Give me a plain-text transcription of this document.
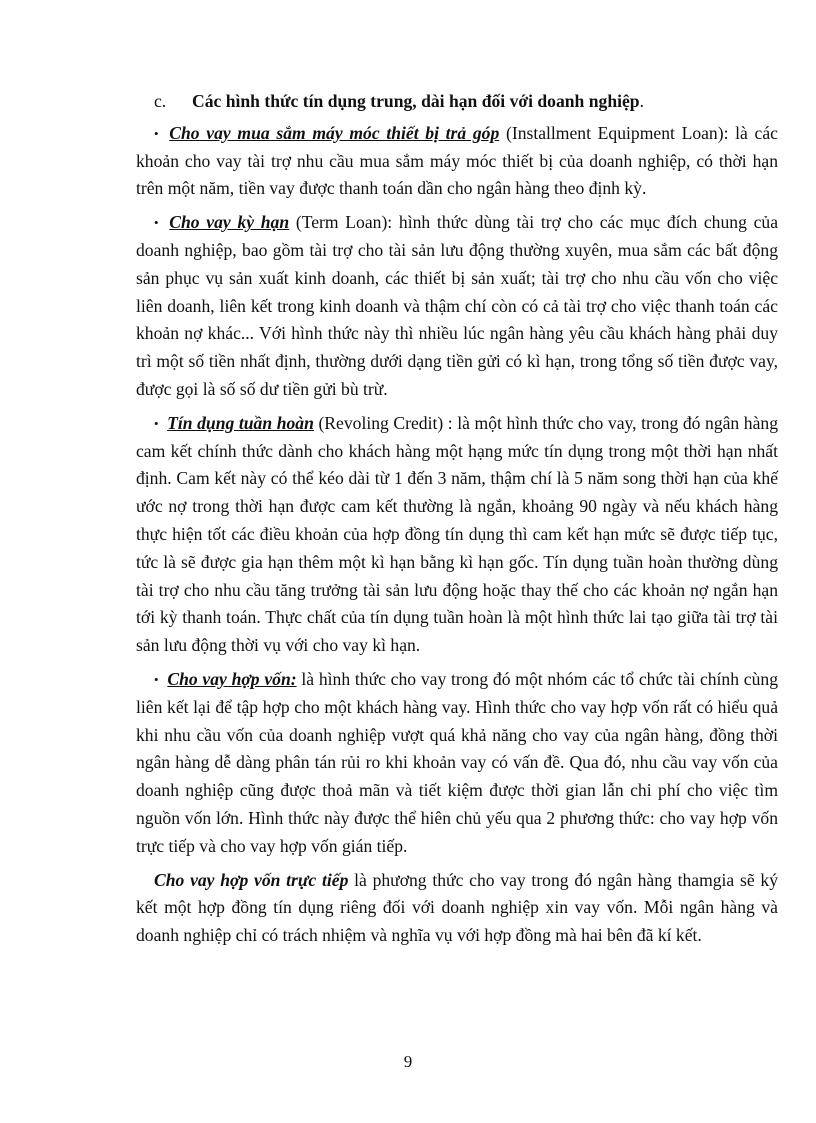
c. Các hình thức tín dụng trung, dài hạn đối với doanh nghiệp.

• Cho vay mua sắm máy móc thiết bị trả góp (Installment Equipment Loan): là các khoản cho vay tài trợ nhu cầu mua sắm máy móc thiết bị của doanh nghiệp, có thời hạn trên một năm, tiền vay được thanh toán dần cho ngân hàng theo định kỳ.

• Cho vay kỳ hạn (Term Loan): hình thức dùng tài trợ cho các mục đích chung của doanh nghiệp, bao gồm tài trợ cho tài sản lưu động thường xuyên, mua sắm các bất động sản phục vụ sản xuất kinh doanh, các thiết bị sản xuất; tài trợ cho nhu cầu vốn cho việc liên doanh, liên kết trong kinh doanh và thậm chí còn có cả tài trợ cho việc thanh toán các khoản nợ khác... Với hình thức này thì nhiều lúc ngân hàng yêu cầu khách hàng phải duy trì một số tiền nhất định, thường dưới dạng tiền gửi có kì hạn, trong tổng số tiền được vay, được gọi là số số dư tiền gửi bù trừ.

• Tín dụng tuần hoàn (Revoling Credit) : là một hình thức cho vay, trong đó ngân hàng cam kết chính thức dành cho khách hàng một hạng mức tín dụng trong một thời hạn nhất định. Cam kết này có thể kéo dài từ 1 đến 3 năm, thậm chí là 5 năm song thời hạn của khế ước nợ trong thời hạn được cam kết thường là ngắn, khoảng 90 ngày và nếu khách hàng thực hiện tốt các điều khoản của hợp đồng tín dụng thì cam kết hạn mức sẽ được tiếp tục, tức là sẽ được gia hạn thêm một kì hạn bằng kì hạn gốc. Tín dụng tuần hoàn thường dùng tài trợ cho nhu cầu tăng trưởng tài sản lưu động hoặc thay thế cho các khoản nợ ngắn hạn tới kỳ thanh toán. Thực chất của tín dụng tuần hoàn là một hình thức lai tạo giữa tài trợ tài sản lưu động thời vụ với cho vay kì hạn.

• Cho vay hợp vốn: là hình thức cho vay trong đó một nhóm các tổ chức tài chính cùng liên kết lại để tập hợp cho một khách hàng vay. Hình thức cho vay hợp vốn rất có hiểu quả khi nhu cầu vốn của doanh nghiệp vượt quá khả năng cho vay của ngân hàng, đồng thời ngân hàng dễ dàng phân tán rủi ro khi khoản vay có vấn đề. Qua đó, nhu cầu vay vốn của doanh nghiệp cũng được thoả mãn và tiết kiệm được thời gian lẫn chi phí cho việc tìm nguồn vốn lớn. Hình thức này được thể hiên chủ yếu qua 2 phương thức: cho vay hợp vốn trực tiếp và cho vay hợp vốn gián tiếp.

Cho vay hợp vốn trực tiếp là phương thức cho vay trong đó ngân hàng thamgia sẽ ký kết một hợp đồng tín dụng riêng đối với doanh nghiệp xin vay vốn. Mỗi ngân hàng và doanh nghiệp chỉ có trách nhiệm và nghĩa vụ với hợp đồng mà hai bên đã kí kết.

9
